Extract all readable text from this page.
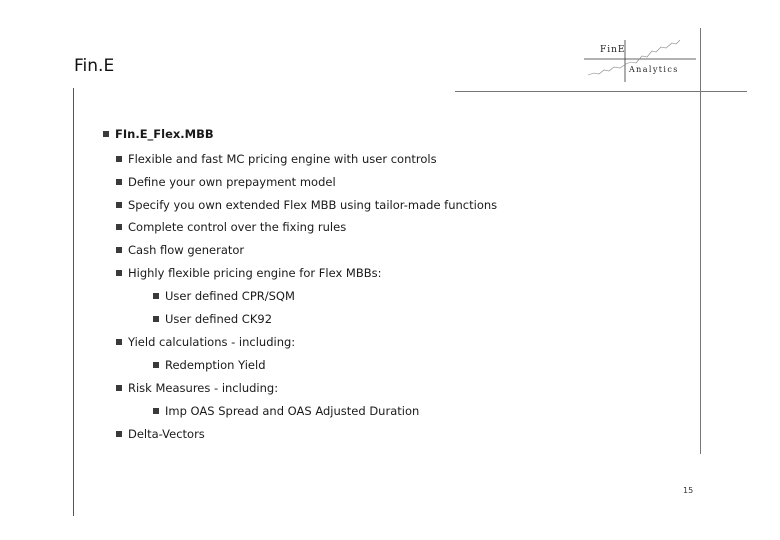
Fin.E
FinE
Analytics
FIn.E_Flex.MBB
Flexible and fast MC pricing engine with user controls
Define your own prepayment model
Specify you own extended Flex MBB using tailor-made functions
Complete control over the fixing rules
Cash flow generator
Highly flexible pricing engine for Flex MBBs:
User defined CPR/SQM
User defined CK92
Yield calculations - including:
Redemption Yield
Risk Measures - including:
Imp OAS Spread and OAS Adjusted Duration
Delta-Vectors
15
